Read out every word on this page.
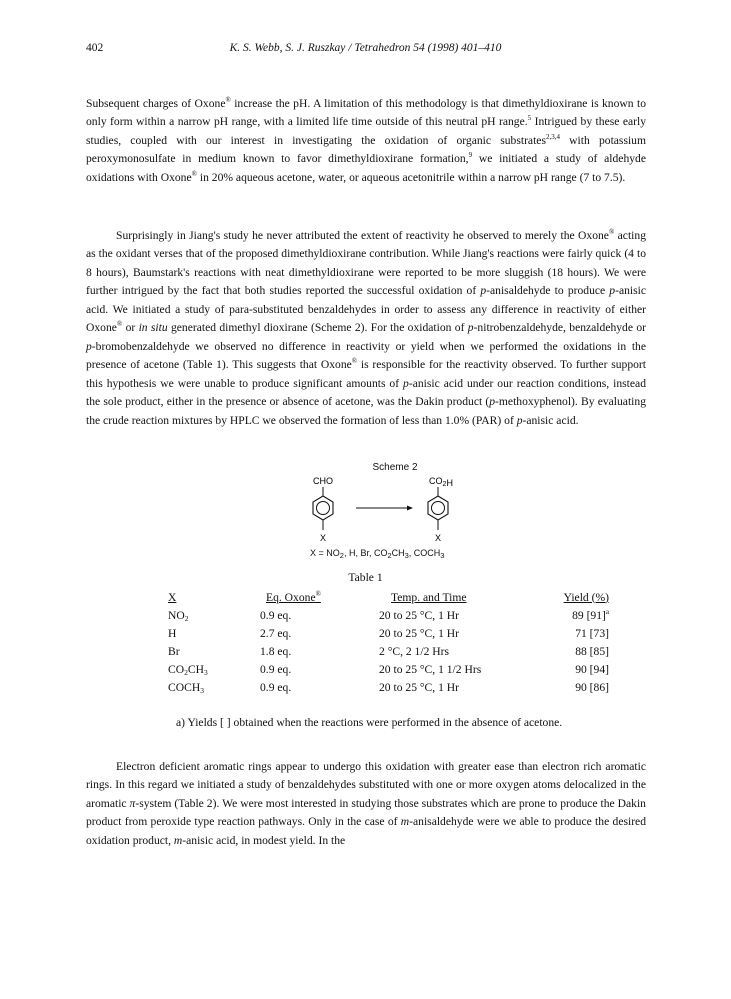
402	K. S. Webb, S. J. Ruszkay / Tetrahedron 54 (1998) 401–410

Subsequent charges of Oxone® increase the pH. A limitation of this methodology is that dimethyldioxirane is known to only form within a narrow pH range, with a limited life time outside of this neutral pH range.$^5$ Intrigued by these early studies, coupled with our interest in investigating the oxidation of organic substrates$^{2,3,4}$ with potassium peroxymonosulfate in medium known to favor dimethyldioxirane formation,$^9$ we initiated a study of aldehyde oxidations with Oxone® in 20% aqueous acetone, water, or aqueous acetonitrile within a narrow pH range (7 to 7.5).

Surprisingly in Jiang's study he never attributed the extent of reactivity he observed to merely the Oxone® acting as the oxidant verses that of the proposed dimethyldioxirane contribution. While Jiang's reactions were fairly quick (4 to 8 hours), Baumstark's reactions with neat dimethyldioxirane were reported to be more sluggish (18 hours). We were further intrigued by the fact that both studies reported the successful oxidation of p-anisaldehyde to produce p-anisic acid. We initiated a study of para-substituted benzaldehydes in order to assess any difference in reactivity of either Oxone® or in situ generated dimethyl dioxirane (Scheme 2). For the oxidation of p-nitrobenzaldehyde, benzaldehyde or p-bromobenzaldehyde we observed no difference in reactivity or yield when we performed the oxidations in the presence of acetone (Table 1). This suggests that Oxone® is responsible for the reactivity observed. To further support this hypothesis we were unable to produce significant amounts of p-anisic acid under our reaction conditions, instead the sole product, either in the presence or absence of acetone, was the Dakin product (p-methoxyphenol). By evaluating the crude reaction mixtures by HPLC we observed the formation of less than 1.0% (PAR) of p-anisic acid.

Scheme 2
CHO
X
$CO_2H$
X
$X = NO_2$, H, Br, $CO_2CH_3$, $COCH_3$
Table 1
X	Eq. Oxone®	Temp. and Time	Yield (%)
$NO_2$	0.9 eq.	20 to 25 °C, 1 Hr	89 $[91]^a$
H	2.7 eq.	20 to 25 °C, 1 Hr	71 [73]
Br	1.8 eq.	2 °C, 2 1/2 Hrs	88 [85]
$CO_2CH_3$	0.9 eq.	20 to 25 °C, 1 1/2 Hrs	90 [94]
$COCH_3$	0.9 eq.	20 to 25 °C, 1 Hr	90 [86]
a) Yields [ ] obtained when the reactions were performed in the absence of acetone.

Electron deficient aromatic rings appear to undergo this oxidation with greater ease than electron rich aromatic rings. In this regard we initiated a study of benzaldehydes substituted with one or more oxygen atoms delocalized in the aromatic π-system (Table 2). We were most interested in studying those substrates which are prone to produce the Dakin product from peroxide type reaction pathways. Only in the case of m-anisaldehyde were we able to produce the desired oxidation product, m-anisic acid, in modest yield. In the
